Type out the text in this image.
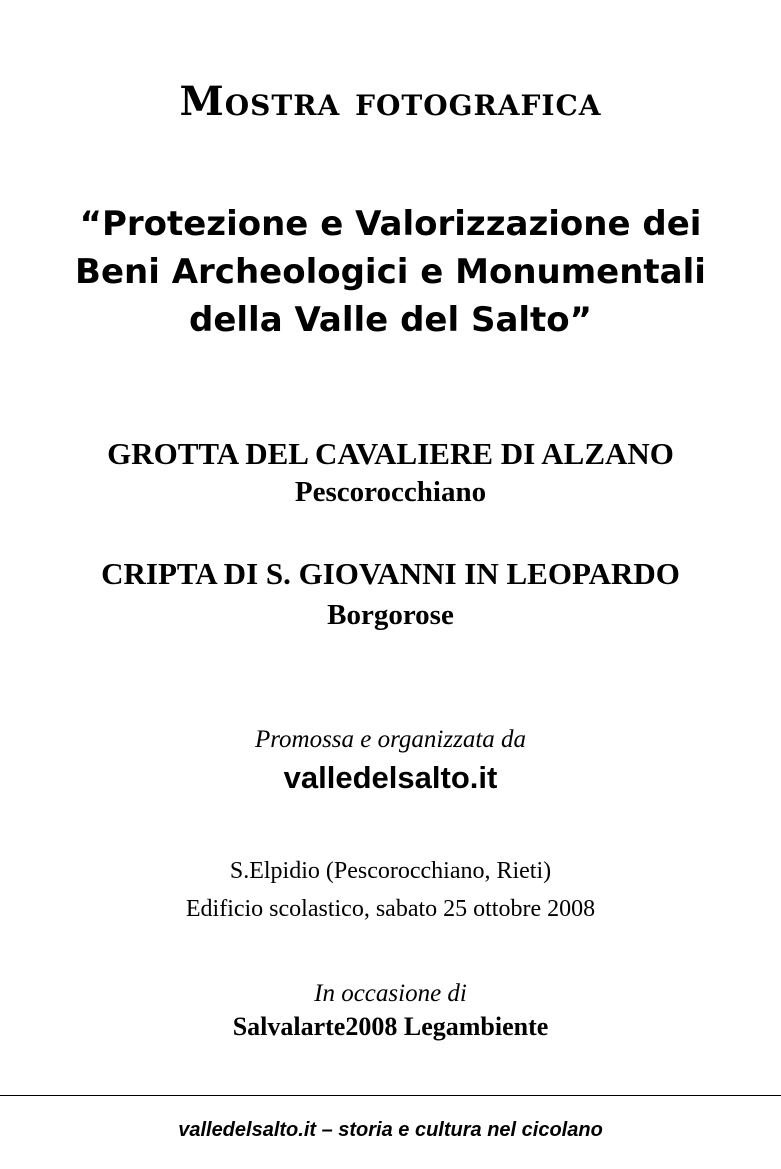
Mostra fotografica
“Protezione e Valorizzazione dei
Beni Archeologici e Monumentali
della Valle del Salto”
GROTTA DEL CAVALIERE DI ALZANO
Pescorocchiano
CRIPTA DI S. GIOVANNI IN LEOPARDO
Borgorose
Promossa e organizzata da
valledelsalto.it
S.Elpidio (Pescorocchiano, Rieti)
Edificio scolastico, sabato 25 ottobre 2008
In occasione di
Salvalarte2008 Legambiente
valledelsalto.it – storia e cultura nel cicolano
